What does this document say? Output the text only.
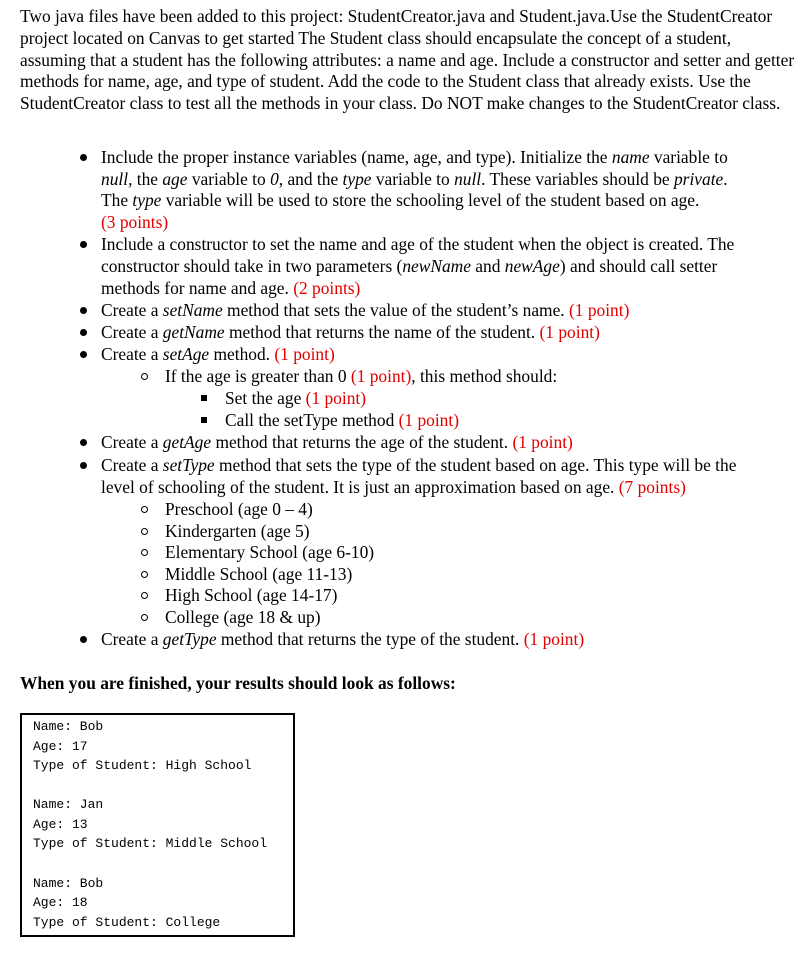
Two java files have been added to this project: StudentCreator.java and Student.java.Use the StudentCreator project located on Canvas to get started The Student class should encapsulate the concept of a student, assuming that a student has the following attributes: a name and age. Include a constructor and setter and getter methods for name, age, and type of student. Add the code to the Student class that already exists. Use the StudentCreator class to test all the methods in your class. Do NOT make changes to the StudentCreator class.

Include the proper instance variables (name, age, and type). Initialize the name variable to
null, the age variable to 0, and the type variable to null. These variables should be private.
The type variable will be used to store the schooling level of the student based on age.
(3 points)
Include a constructor to set the name and age of the student when the object is created. The
constructor should take in two parameters (newName and newAge) and should call setter
methods for name and age. (2 points)
Create a setName method that sets the value of the student’s name. (1 point)
Create a getName method that returns the name of the student. (1 point)
Create a setAge method. (1 point)
If the age is greater than 0 (1 point), this method should:
Set the age (1 point)
Call the setType method (1 point)
Create a getAge method that returns the age of the student. (1 point)
Create a setType method that sets the type of the student based on age. This type will be the
level of schooling of the student. It is just an approximation based on age. (7 points)
Preschool (age 0 – 4)
Kindergarten (age 5)
Elementary School (age 6-10)
Middle School (age 11-13)
High School (age 14-17)
College (age 18 & up)
Create a getType method that returns the type of the student. (1 point)
When you are finished, your results should look as follows:
Name: Bob
Age: 17
Type of Student: High School
Name: Jan
Age: 13
Type of Student: Middle School
Name: Bob
Age: 18
Type of Student: College
